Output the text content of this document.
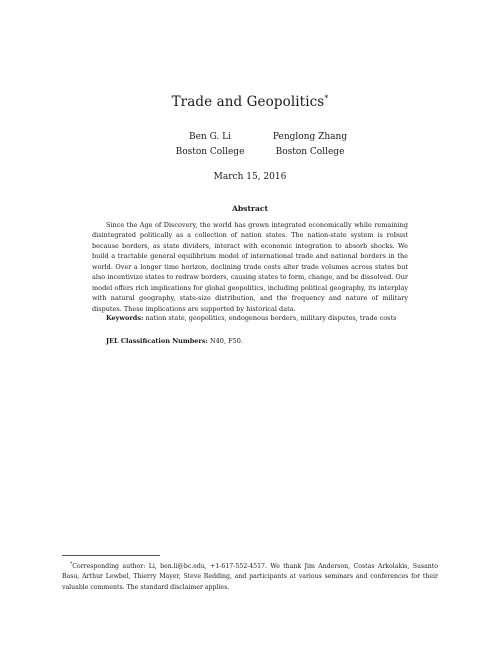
Trade and Geopolitics*
Ben G. Li
Boston College
Penglong Zhang
Boston College
March 15, 2016
Abstract

Since the Age of Discovery, the world has grown integrated economically while remaining disintegrated politically as a collection of nation states. The nation-state system is robust because borders, as state dividers, interact with economic integration to absorb shocks. We build a tractable general equilibrium model of international trade and national borders in the world. Over a longer time horizon, declining trade costs alter trade volumes across states but also incentivize states to redraw borders, causing states to form, change, and be dissolved. Our model offers rich implications for global geopolitics, including political geography, its interplay with natural geography, state-size distribution, and the frequency and nature of military disputes. These implications are supported by historical data.

Keywords: nation state, geopolitics, endogenous borders, military disputes, trade costs
JEL Classification Numbers: N40, F50.

*Corresponding author: Li, ben.li@bc.edu, +1-617-552-4517. We thank Jim Anderson, Costas Arkolakis, Susanto Basu, Arthur Lewbel, Thierry Mayer, Steve Redding, and participants at various seminars and conferences for their valuable comments. The standard disclaimer applies.
